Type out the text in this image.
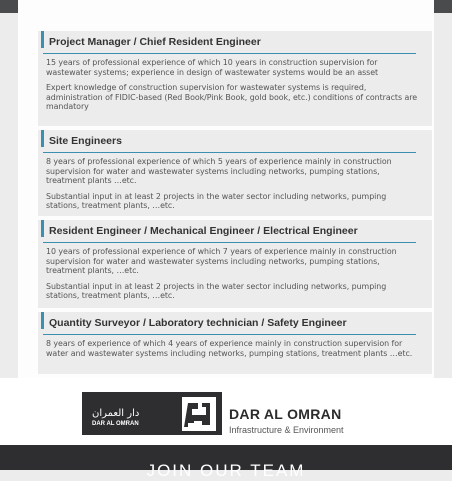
Project Manager / Chief Resident Engineer

15 years of professional experience of which 10 years in construction supervision for wastewater systems; experience in design of wastewater systems would be an asset

Expert knowledge of construction supervision for wastewater systems is required, administration of FIDIC-based (Red Book/Pink Book, gold book, etc.) conditions of contracts are mandatory

Site Engineers

8 years of professional experience of which 5 years of experience mainly in construction supervision for water and wastewater systems including networks, pumping stations, treatment plants …etc.

Substantial input in at least 2 projects in the water sector including networks, pumping stations, treatment plants, …etc.

Resident Engineer / Mechanical Engineer / Electrical Engineer

10 years of professional experience of which 7 years of experience mainly in construction supervision for water and wastewater systems including networks, pumping stations, treatment plants, …etc.

Substantial input in at least 2 projects in the water sector including networks, pumping stations, treatment plants, …etc.

Quantity Surveyor / Laboratory technician / Safety Engineer

8 years of experience of which 4 years of experience mainly in construction supervision for water and wastewater systems including networks, pumping stations, treatment plants …etc.

دار العمران
DAR AL OMRAN
DAR AL OMRAN
Infrastructure & Environment
JOIN OUR TEAM
